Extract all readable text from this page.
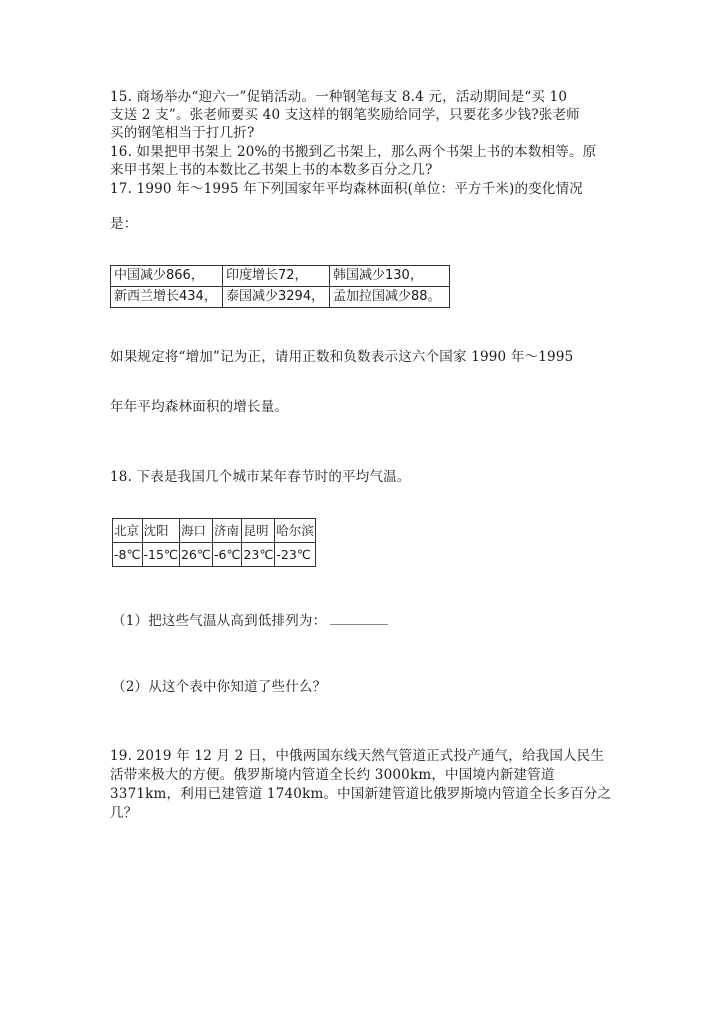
15. 商场举办“迎六一”促销活动。一种钢笔每支 8.4 元，活动期间是“买 10
支送 2 支”。张老师要买 40 支这样的钢笔奖励给同学，只要花多少钱?张老师
买的钢笔相当于打几折?
16. 如果把甲书架上 20%的书搬到乙书架上，那么两个书架上书的本数相等。原
来甲书架上书的本数比乙书架上书的本数多百分之几?
17. 1990 年～1995 年下列国家年平均森林面积(单位：平方千米)的变化情况
是：
中国减少866，	印度增长72，	韩国减少130，
新西兰增长434，	泰国减少3294，	孟加拉国减少88。
如果规定将“增加”记为正，请用正数和负数表示这六个国家 1990 年～1995
年年平均森林面积的增长量。
18. 下表是我国几个城市某年春节时的平均气温。
北京	沈阳	海口	济南	昆明	哈尔滨
-8℃	-15℃	26℃	-6℃	23℃	-23℃
（1）把这些气温从高到低排列为：
（2）从这个表中你知道了些什么？
19. 2019 年 12 月 2 日，中俄两国东线天然气管道正式投产通气，给我国人民生
活带来极大的方便。俄罗斯境内管道全长约 3000km，中国境内新建管道
3371km，利用已建管道 1740km。中国新建管道比俄罗斯境内管道全长多百分之
几？
